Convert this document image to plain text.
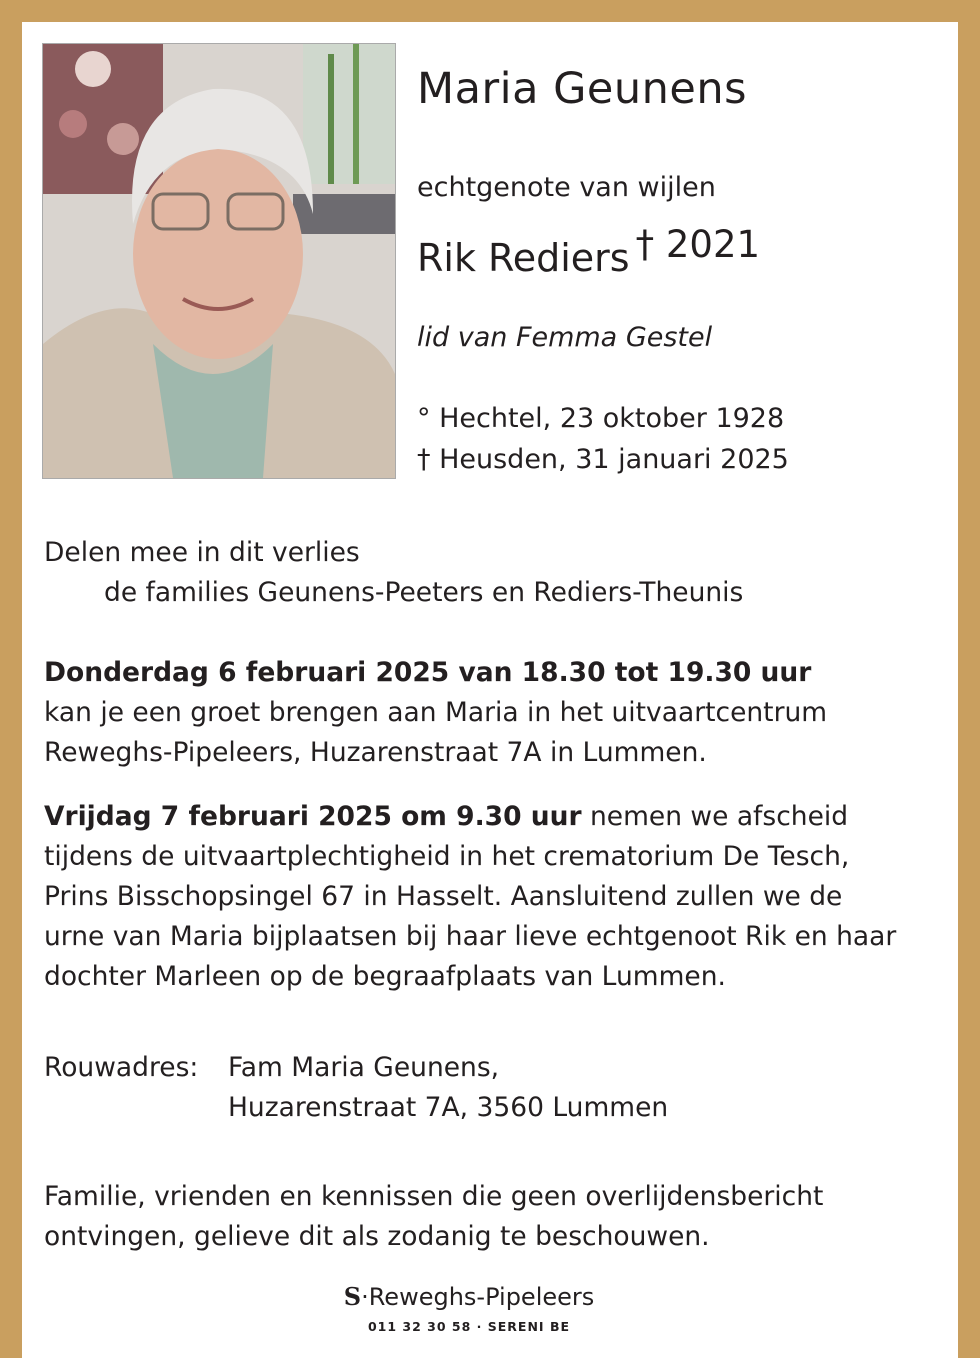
Maria Geunens
echtgenote van wijlen
Rik Rediers † 2021
lid van Femma Gestel
° Hechtel, 23 oktober 1928
† Heusden, 31 januari 2025
Delen mee in dit verlies
de families Geunens-Peeters en Rediers-Theunis
Donderdag 6 februari 2025 van 18.30 tot 19.30 uur
kan je een groet brengen aan Maria in het uitvaartcentrum
Reweghs-Pipeleers, Huzarenstraat 7A in Lummen.
Vrijdag 7 februari 2025 om 9.30 uur nemen we afscheid
tijdens de uitvaartplechtigheid in het crematorium De Tesch,
Prins Bisschopsingel 67 in Hasselt. Aansluitend zullen we de
urne van Maria bijplaatsen bij haar lieve echtgenoot Rik en haar
dochter Marleen op de begraafplaats van Lummen.
Rouwadres: Fam Maria Geunens,
Huzarenstraat 7A, 3560 Lummen
Familie, vrienden en kennissen die geen overlijdensbericht
ontvingen, gelieve dit als zodanig te beschouwen.
S·Reweghs-Pipeleers
011 32 30 58 · SERENI BE
